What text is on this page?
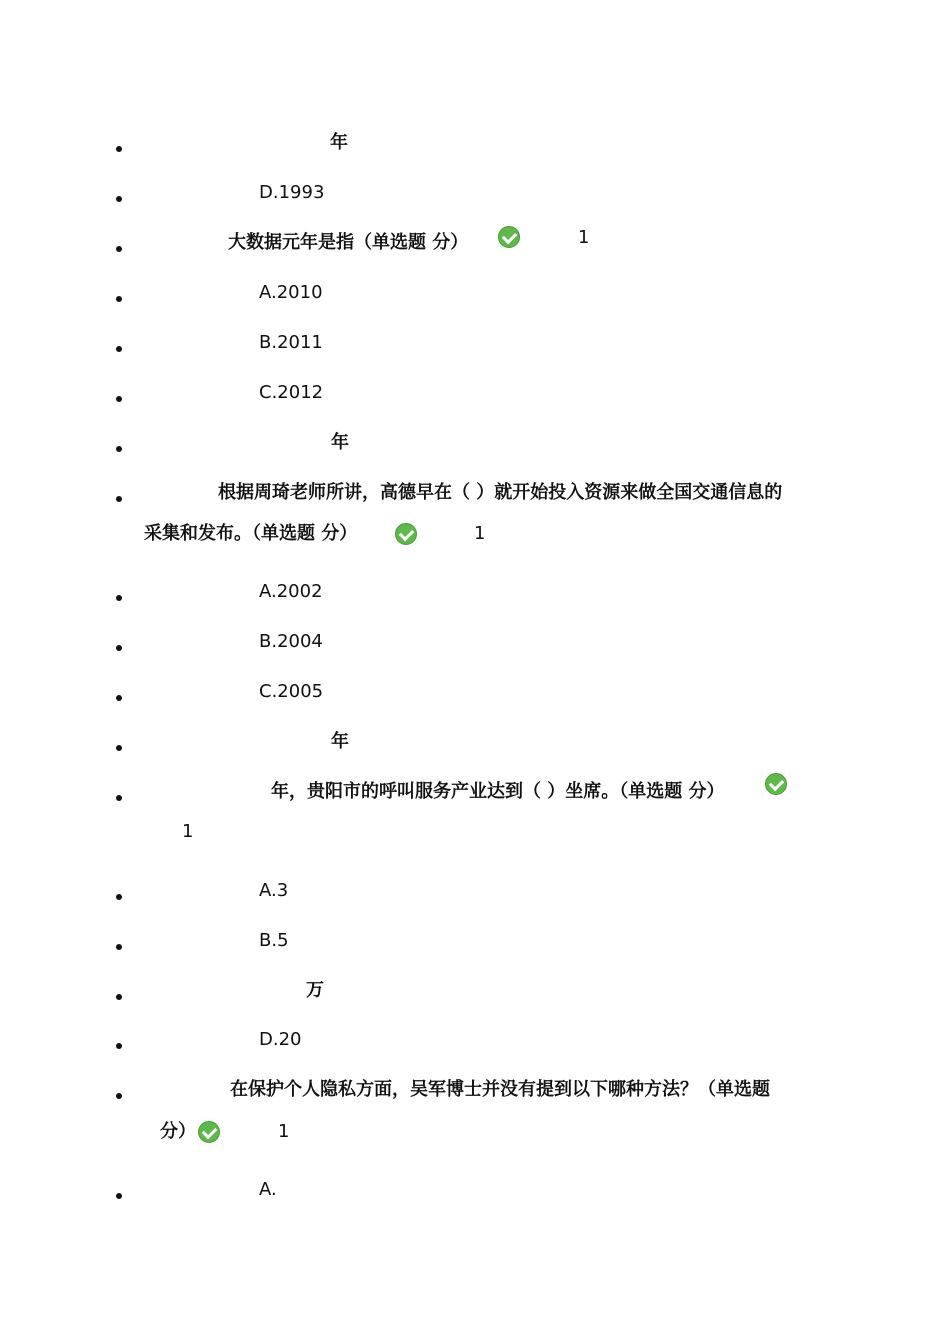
年
D.1993
大数据元年是指（单选题 分）	1
A.2010
B.2011
C.2012
年
根据周琦老师所讲，高德早在（ ）就开始投入资源来做全国交通信息的
采集和发布。（单选题 分）	1
A.2002
B.2004
C.2005
年
年，贵阳市的呼叫服务产业达到（ ）坐席。（单选题 分）
1
A.3
B.5
万
D.20
在保护个人隐私方面，吴军博士并没有提到以下哪种方法？（单选题
分）	1
A.
